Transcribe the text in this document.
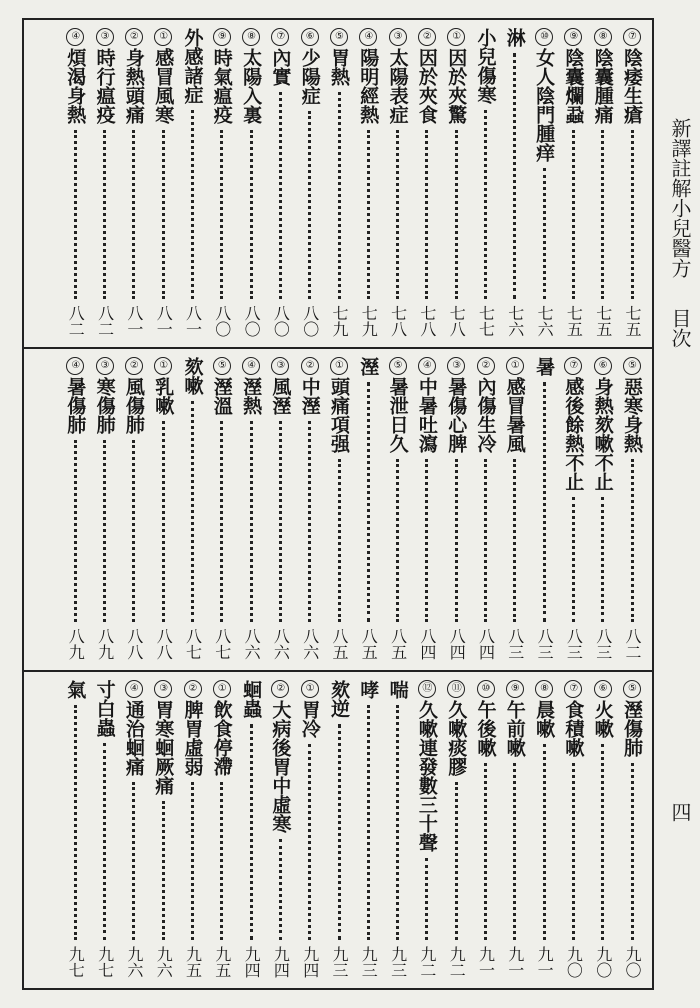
⑦
陰痿生瘡
七五
⑧
陰囊腫痛
七五
⑨
陰囊爛蝨
七五
⑩
女人陰門腫痒
七六
淋
七六
小兒傷寒
七七
①
因於夾驚
七八
②
因於夾食
七八
③
太陽表症
七八
④
陽明經熱
七九
⑤
胃熱
七九
⑥
少陽症
八〇
⑦
內實
八〇
⑧
太陽入裏
八〇
⑨
時氣瘟疫
八〇
外感諸症
八一
①
感冒風寒
八一
②
身熱頭痛
八一
③
時行瘟疫
八二
④
煩渴身熱
八二
⑤
惡寒身熱
八二
⑥
身熱欬嗽不止
八三
⑦
感後餘熱不止
八三
暑
八三
①
感冒暑風
八三
②
內傷生冷
八四
③
暑傷心脾
八四
④
中暑吐瀉
八四
⑤
暑泄日久
八五
溼
八五
①
頭痛項强
八五
②
中溼
八六
③
風溼
八六
④
溼熱
八六
⑤
溼溫
八七
欬嗽
八七
①
乳嗽
八八
②
風傷肺
八八
③
寒傷肺
八九
④
暑傷肺
八九
⑤
溼傷肺
九〇
⑥
火嗽
九〇
⑦
食積嗽
九〇
⑧
晨嗽
九一
⑨
午前嗽
九一
⑩
午後嗽
九一
⑪
久嗽痰膠
九二
⑫
久嗽連發數三十聲
九二
喘
九三
哮
九三
欬逆
九三
①
胃冷
九四
②
大病後胃中虛寒
九四
蛔蟲
九四
①
飲食停滯
九五
②
脾胃虛弱
九五
③
胃寒蛔厥痛
九六
④
通治蛔痛
九六
寸白蟲
九七
氣
九七
新譯註解小兒醫方
目次
四
